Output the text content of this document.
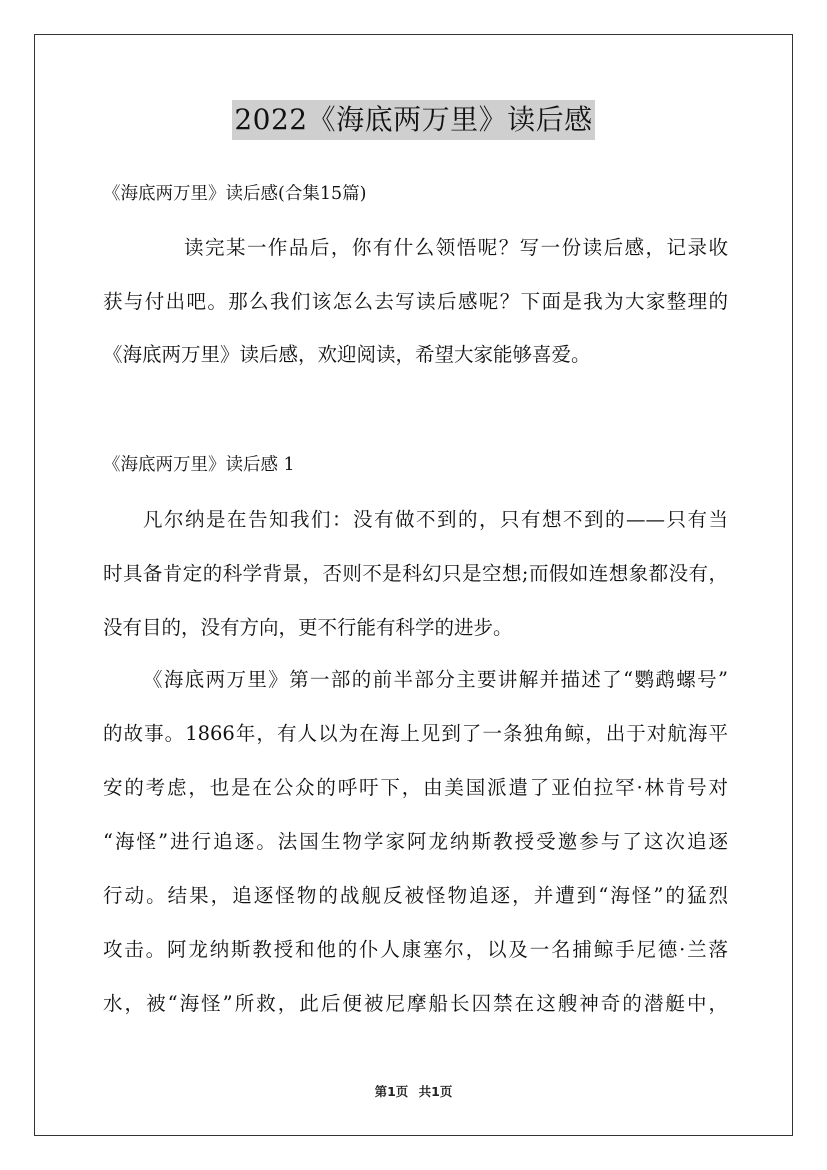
2022《海底两万里》读后感
《海底两万里》读后感(合集15篇)
读完某一作品后，你有什么领悟呢？写一份读后感，记录收
获与付出吧。那么我们该怎么去写读后感呢？下面是我为大家整理的
《海底两万里》读后感，欢迎阅读，希望大家能够喜爱。
《海底两万里》读后感 1
凡尔纳是在告知我们：没有做不到的，只有想不到的——只有当
时具备肯定的科学背景，否则不是科幻只是空想;而假如连想象都没有，
没有目的，没有方向，更不行能有科学的进步。
《海底两万里》第一部的前半部分主要讲解并描述了“鹦鹉螺号”
的故事。1866年，有人以为在海上见到了一条独角鲸，出于对航海平
安的考虑，也是在公众的呼吁下，由美国派遣了亚伯拉罕·林肯号对
“海怪”进行追逐。法国生物学家阿龙纳斯教授受邀参与了这次追逐
行动。结果，追逐怪物的战舰反被怪物追逐，并遭到“海怪”的猛烈
攻击。阿龙纳斯教授和他的仆人康塞尔，以及一名捕鲸手尼德·兰落
水，被“海怪”所救，此后便被尼摩船长囚禁在这艘神奇的潜艇中，
第1页 共1页
